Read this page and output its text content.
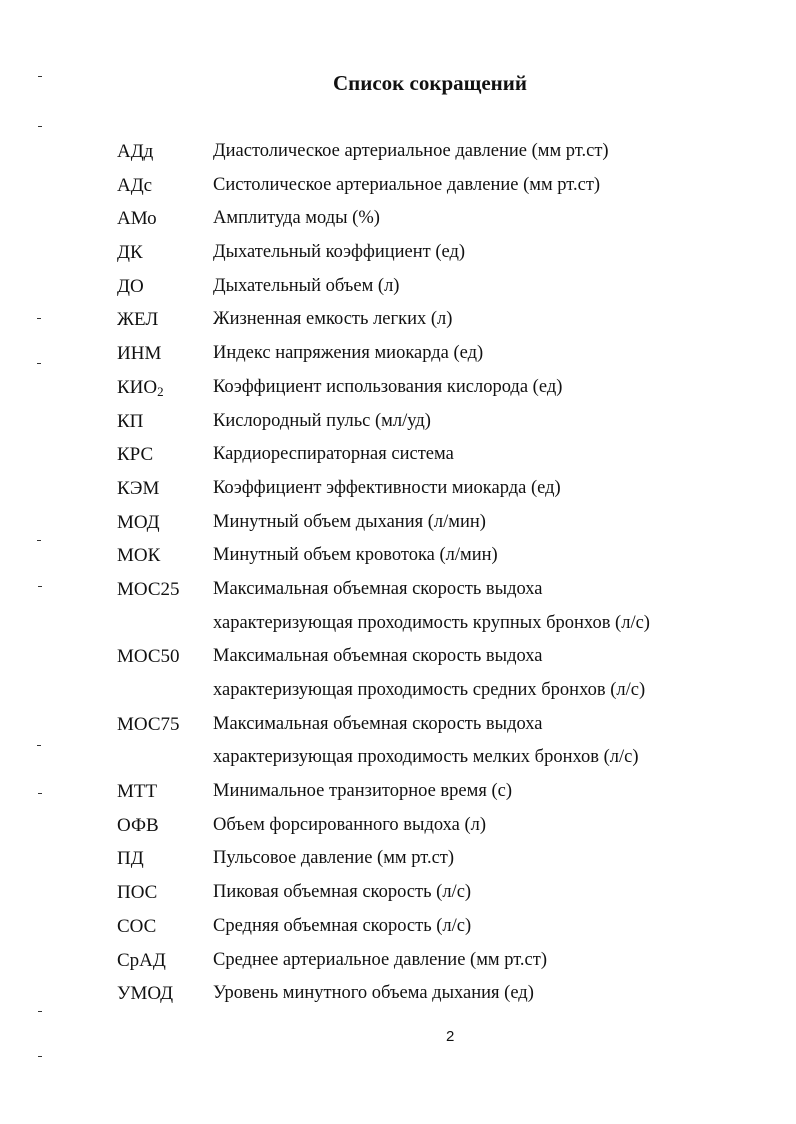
Список сокращений
АДд	Диастолическое артериальное давление (мм рт.ст)
АДс	Систолическое артериальное давление (мм рт.ст)
АМо	Амплитуда моды (%)
ДК	Дыхательный коэффициент (ед)
ДО	Дыхательный объем (л)
ЖЕЛ	Жизненная емкость легких (л)
ИНМ	Индекс напряжения миокарда (ед)
$КИО_2$	Коэффициент использования кислорода (ед)
КП	Кислородный пульс (мл/уд)
КРС	Кардиореспираторная система
КЭМ	Коэффициент эффективности миокарда (ед)
МОД	Минутный объем дыхания (л/мин)
МОК	Минутный объем кровотока (л/мин)
МОС25 Максимальная объемная скорость выдоха
характеризующая проходимость крупных бронхов (л/с)
МОС50 Максимальная объемная скорость выдоха
характеризующая проходимость средних бронхов (л/с)
МОС75 Максимальная объемная скорость выдоха
характеризующая проходимость мелких бронхов (л/с)
МТТ	Минимальное транзиторное время (с)
ОФВ	Объем форсированного выдоха (л)
ПД	Пульсовое давление (мм рт.ст)
ПОС	Пиковая объемная скорость (л/с)
СОС	Средняя объемная скорость (л/с)
СрАД	Среднее артериальное давление (мм рт.ст)
УМОД Уровень минутного объема дыхания (ед)
2
